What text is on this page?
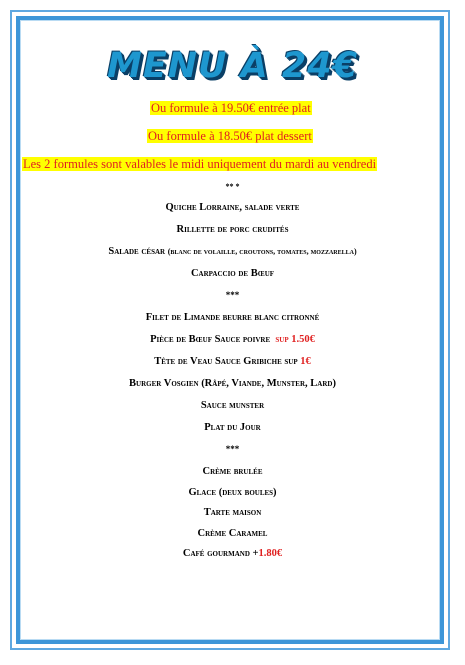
MENU À 24€
Ou formule à 19.50€ entrée plat
Ou formule à 18.50€ plat dessert
Les 2 formules sont valables le midi uniquement du mardi au vendredi
** *
Quiche Lorraine, salade verte
Rillette de porc crudités
Salade césar (blanc de volaille, croutons, tomates, mozzarella)
Carpaccio de Bœuf
***
Filet de Limande beurre blanc citronné
Pièce de Bœuf Sauce poivre sup 1.50€
Tête de Veau Sauce Gribiche sup 1€
Burger Vosgien (Râpé, Viande, Munster, Lard)
Sauce munster
Plat du Jour
***
Crème brulée
Glace (deux boules)
Tarte maison
Crème Caramel
Café gourmand +1.80€
